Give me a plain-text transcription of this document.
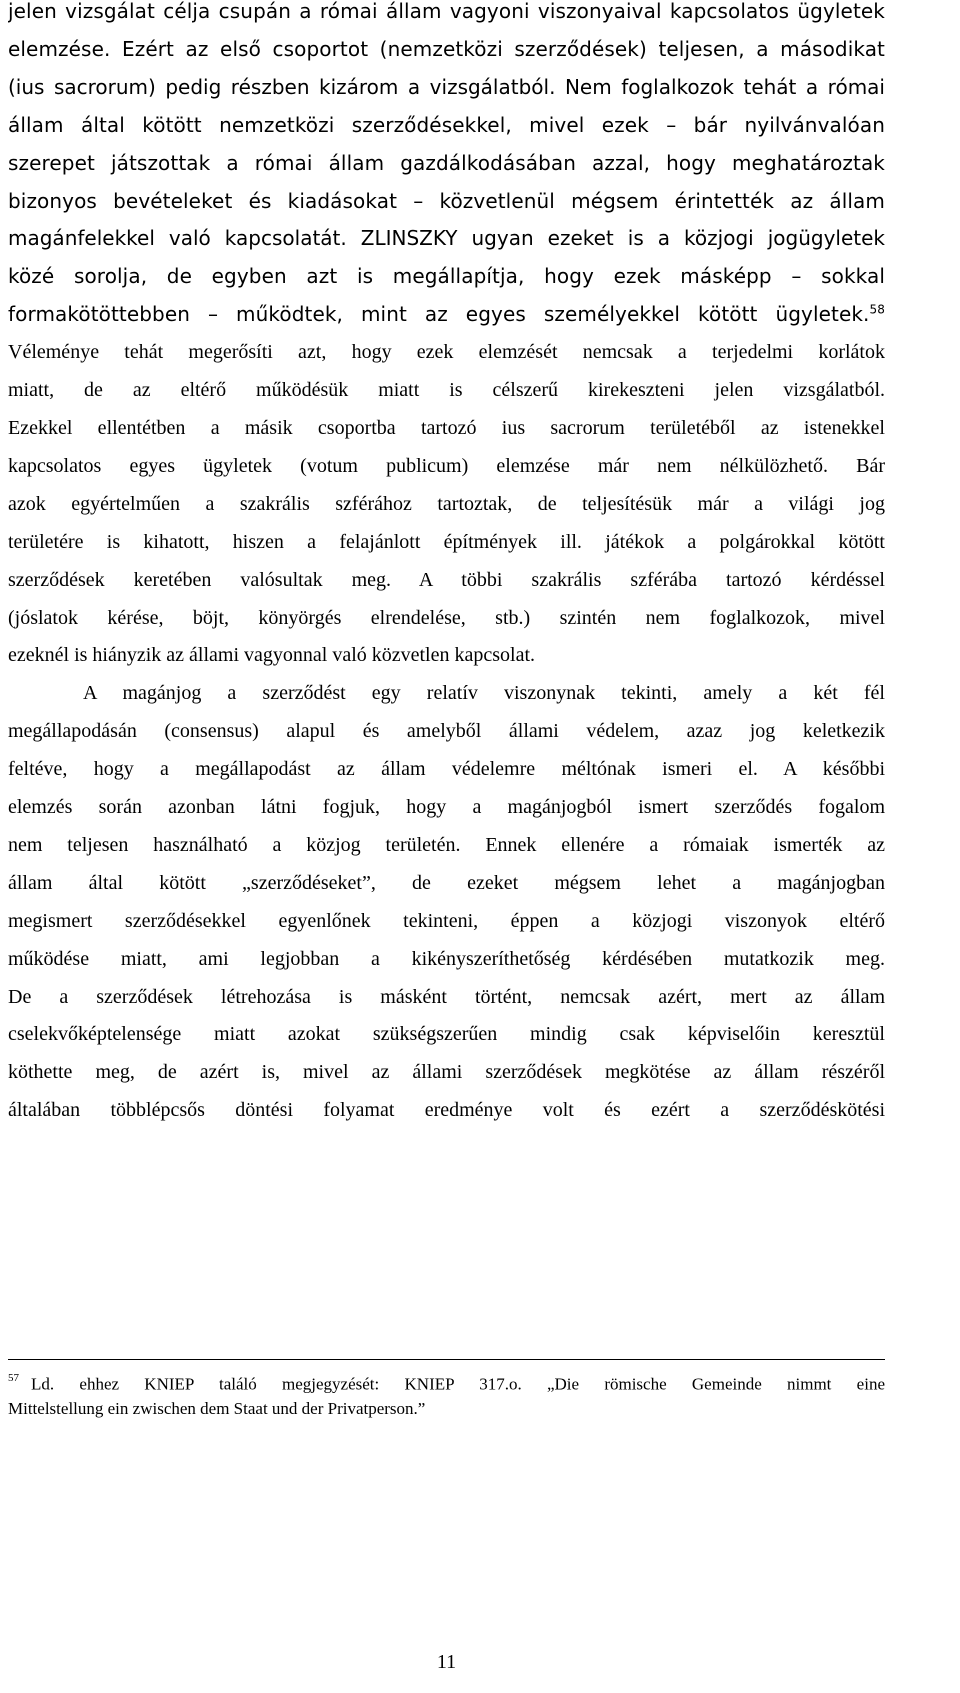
jelen vizsgálat célja csupán a római állam vagyoni viszonyaival kapcsolatos ügyletek

elemzése. Ezért az első csoportot (nemzetközi szerződések) teljesen, a másodikat

(ius sacrorum) pedig részben kizárom a vizsgálatból. Nem foglalkozok tehát a római

állam által kötött nemzetközi szerződésekkel, mivel ezek – bár nyilvánvalóan

szerepet játszottak a római állam gazdálkodásában azzal, hogy meghatároztak

bizonyos bevételeket és kiadásokat – közvetlenül mégsem érintették az állam

magánfelekkel való kapcsolatát. ZLINSZKY ugyan ezeket is a közjogi jogügyletek

közé sorolja, de egyben azt is megállapítja, hogy ezek másképp – sokkal

formakötöttebben – működtek, mint az egyes személyekkel kötött ügyletek.$^{58}$

Véleménye tehát megerősíti azt, hogy ezek elemzését nemcsak a terjedelmi korlátok

miatt, de az eltérő működésük miatt is célszerű kirekeszteni jelen vizsgálatból.

Ezekkel ellentétben a másik csoportba tartozó ius sacrorum területéből az istenekkel

kapcsolatos egyes ügyletek (votum publicum) elemzése már nem nélkülözhető. Bár

azok egyértelműen a szakrális szférához tartoztak, de teljesítésük már a világi jog

területére is kihatott, hiszen a felajánlott építmények ill. játékok a polgárokkal kötött

szerződések keretében valósultak meg. A többi szakrális szférába tartozó kérdéssel

(jóslatok kérése, böjt, könyörgés elrendelése, stb.) szintén nem foglalkozok, mivel

ezeknél is hiányzik az állami vagyonnal való közvetlen kapcsolat.

A magánjog a szerződést egy relatív viszonynak tekinti, amely a két fél

megállapodásán (consensus) alapul és amelyből állami védelem, azaz jog keletkezik

feltéve, hogy a megállapodást az állam védelemre méltónak ismeri el. A későbbi

elemzés során azonban látni fogjuk, hogy a magánjogból ismert szerződés fogalom

nem teljesen használható a közjog területén. Ennek ellenére a rómaiak ismerték az

állam által kötött „szerződéseket”, de ezeket mégsem lehet a magánjogban

megismert szerződésekkel egyenlőnek tekinteni, éppen a közjogi viszonyok eltérő

működése miatt, ami legjobban a kikényszeríthetőség kérdésében mutatkozik meg.

De a szerződések létrehozása is másként történt, nemcsak azért, mert az állam

cselekvőképtelensége miatt azokat szükségszerűen mindig csak képviselőin keresztül

köthette meg, de azért is, mivel az állami szerződések megkötése az állam részéről

általában többlépcsős döntési folyamat eredménye volt és ezért a szerződéskötési

$^{57}$ Ld. ehhez KNIEP találó megjegyzését: KNIEP 317.o. „Die römische Gemeinde nimmt eine

Mittelstellung ein zwischen dem Staat und der Privatperson.”

11
